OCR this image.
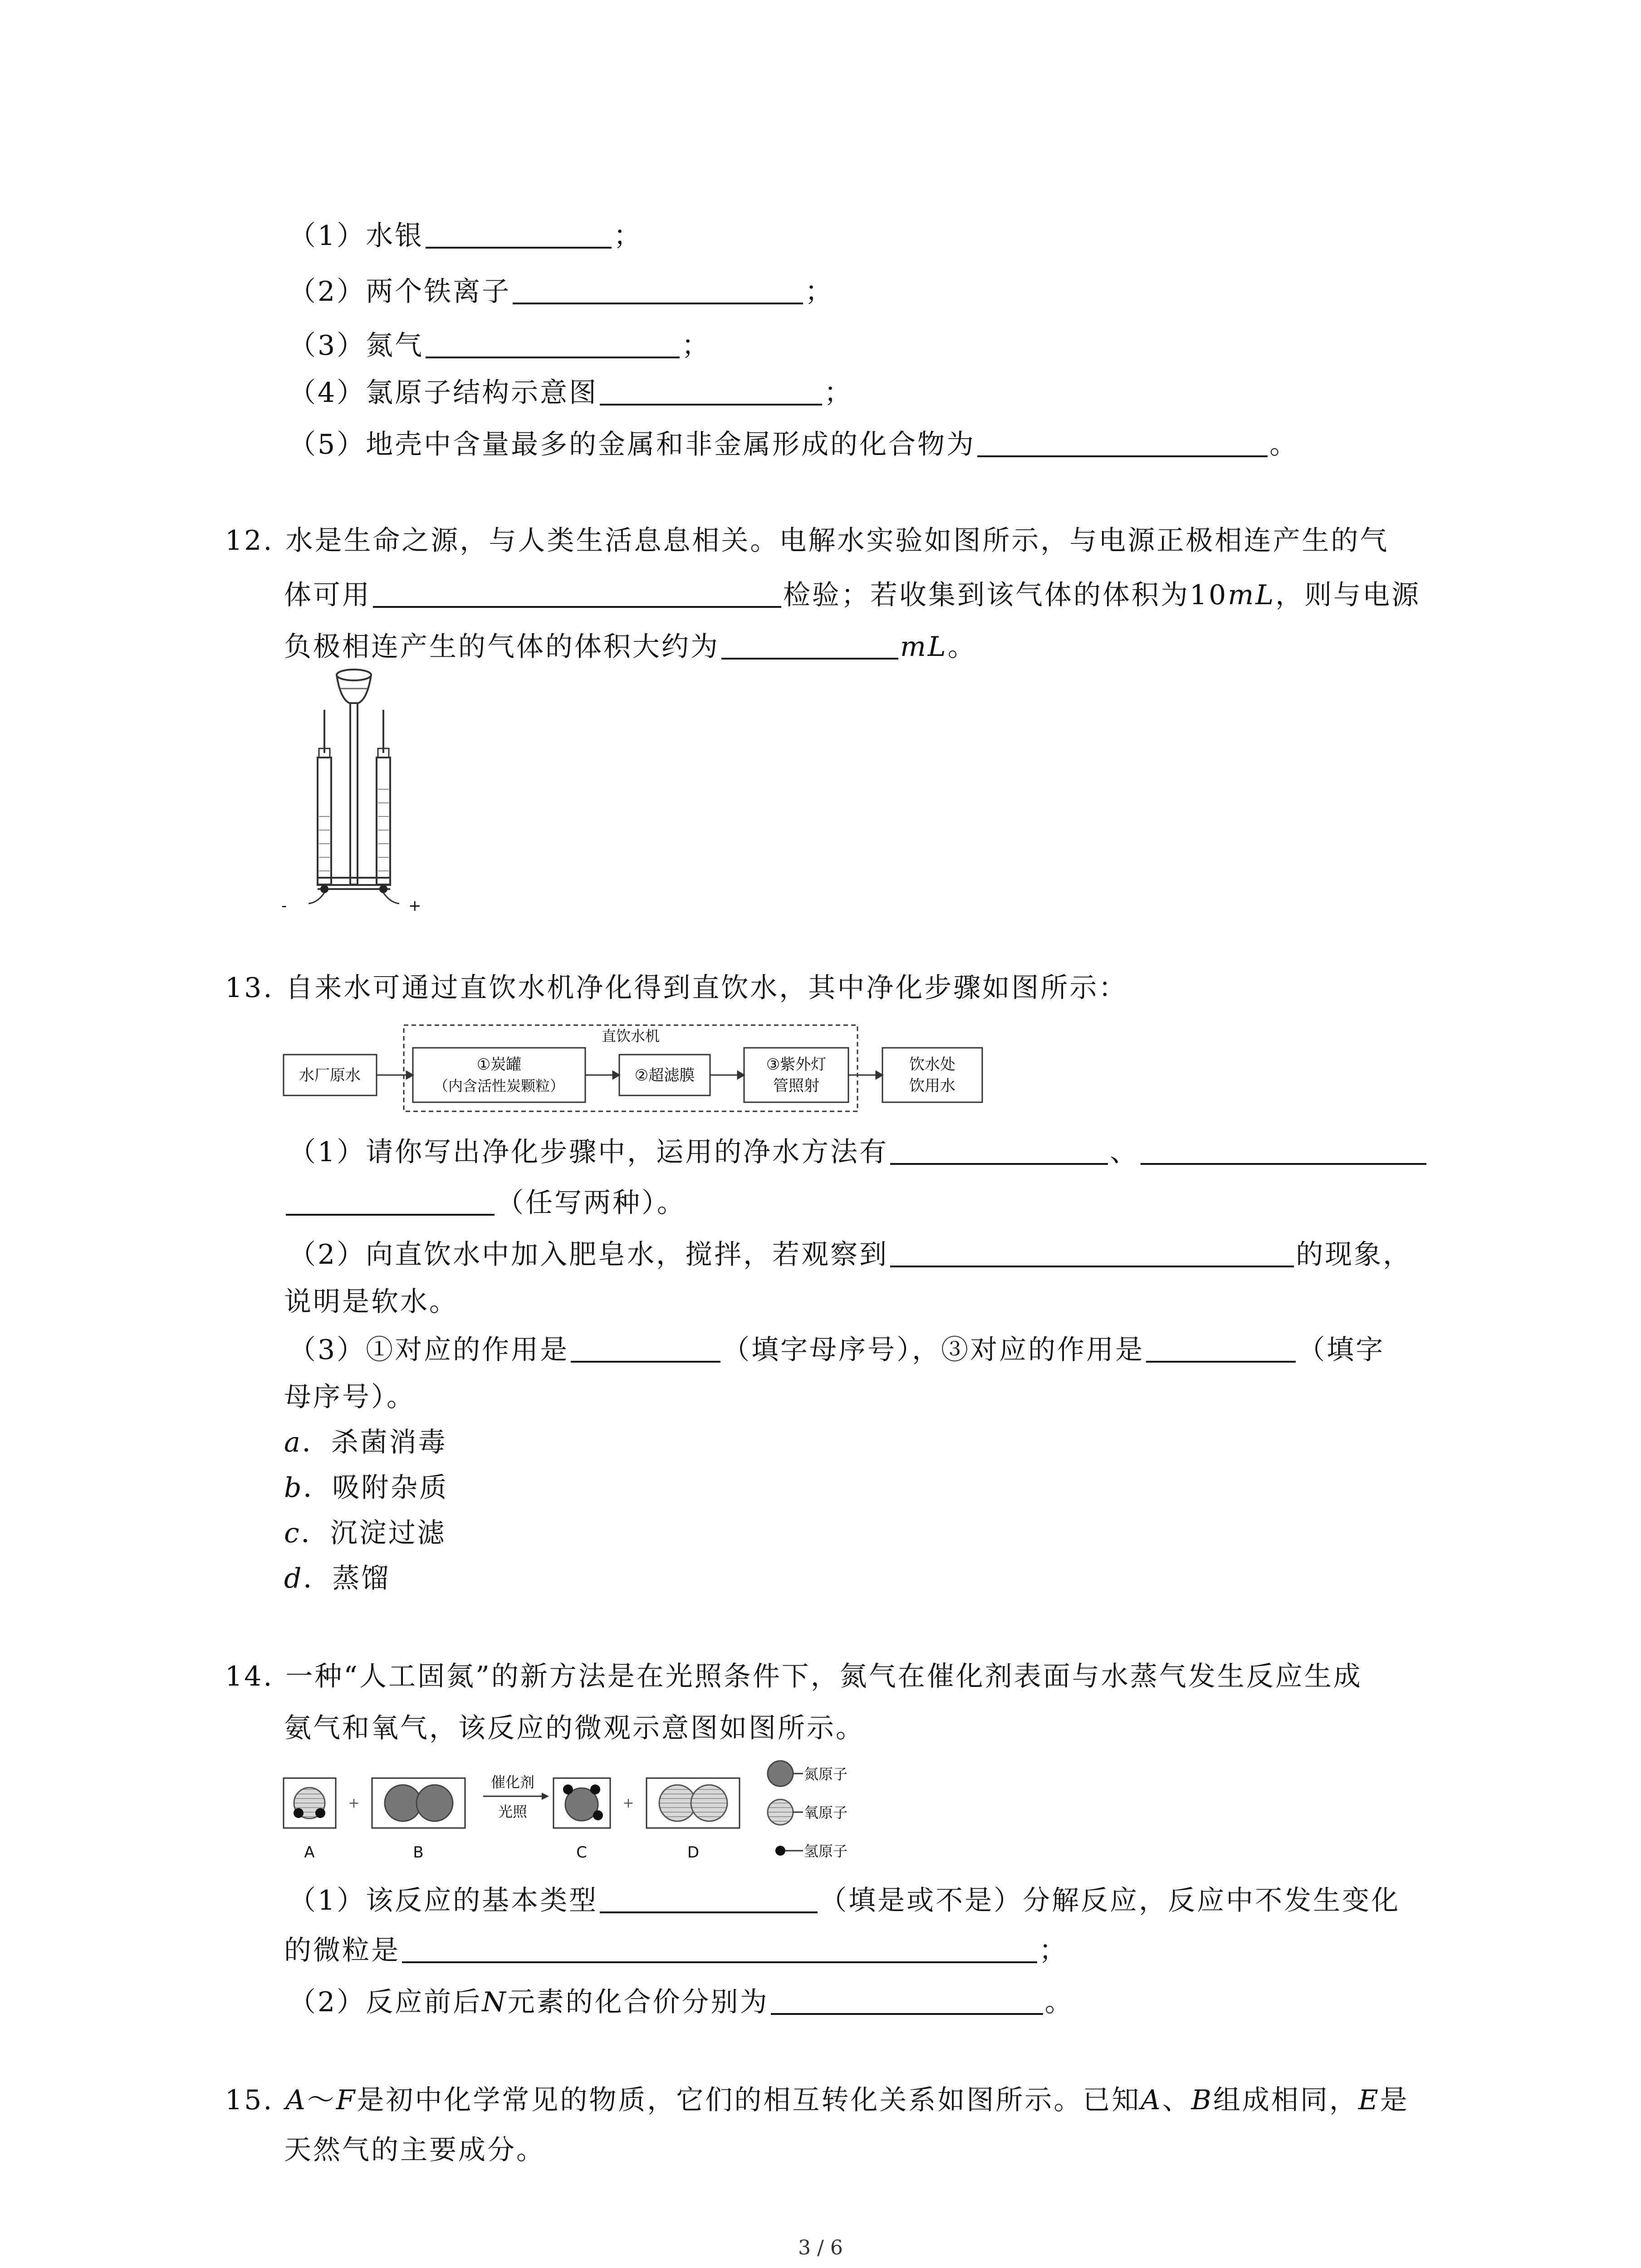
（1）水银	；
（2）两个铁离子	；
（3）氮气	；
（4）氯原子结构示意图	；
（5）地壳中含量最多的金属和非金属形成的化合物为	。
12. 水是生命之源，与人类生活息息相关。电解水实验如图所示，与电源正极相连产生的气
体可用	检验；若收集到该气体的体积为10mL，则与电源
负极相连产生的气体的体积大约为	mL。
-	+
13. 自来水可通过直饮水机净化得到直饮水，其中净化步骤如图所示：
直饮水机
水厂原水
①炭罐
（内含活性炭颗粒）
②超滤膜
③紫外灯
管照射
饮水处
饮用水
（1）请你写出净化步骤中，运用的净水方法有	、
（任写两种）。
（2）向直饮水中加入肥皂水，搅拌，若观察到	的现象，
说明是软水。
（3）①对应的作用是	（填字母序号），③对应的作用是	（填字
母序号）。
a．杀菌消毒
b．吸附杂质
c．沉淀过滤
d．蒸馏
14. 一种“人工固氮”的新方法是在光照条件下，氮气在催化剂表面与水蒸气发生反应生成
氨气和氧气，该反应的微观示意图如图所示。
A
+
B
催化剂
光照
C
+
D
氮原子
氧原子
氢原子
（1）该反应的基本类型	（填是或不是）分解反应，反应中不发生变化
的微粒是	；
（2）反应前后N元素的化合价分别为	。
15. A～F是初中化学常见的物质，它们的相互转化关系如图所示。已知A、B组成相同，E是
天然气的主要成分。
3 / 6
